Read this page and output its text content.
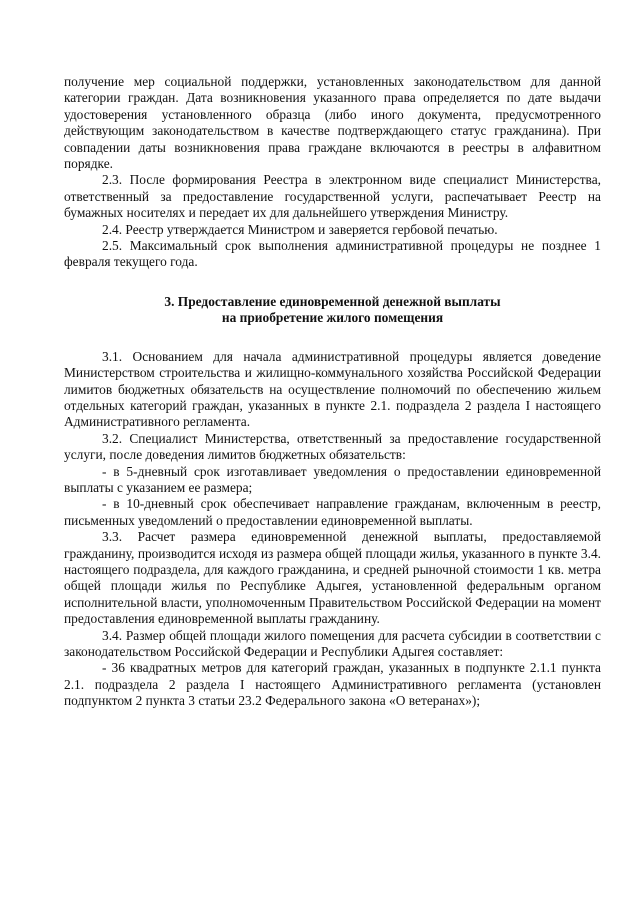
получение мер социальной поддержки, установленных законодательством для данной категории граждан. Дата возникновения указанного права определяется по дате выдачи удостоверения установленного образца (либо иного документа, предусмотренного действующим законодательством в качестве подтверждающего статус гражданина). При совпадении даты возникновения права граждане включаются в реестры в алфавитном порядке.

2.3. После формирования Реестра в электронном виде специалист Министерства, ответственный за предоставление государственной услуги, распечатывает Реестр на бумажных носителях и передает их для дальнейшего утверждения Министру.

2.4. Реестр утверждается Министром и заверяется гербовой печатью.

2.5. Максимальный срок выполнения административной процедуры не позднее 1 февраля текущего года.

3. Предоставление единовременной денежной выплаты
на приобретение жилого помещения

3.1. Основанием для начала административной процедуры является доведение Министерством строительства и жилищно-коммунального хозяйства Российской Федерации лимитов бюджетных обязательств на осуществление полномочий по обеспечению жильем отдельных категорий граждан, указанных в пункте 2.1. подраздела 2 раздела I настоящего Административного регламента.

3.2. Специалист Министерства, ответственный за предоставление государственной услуги, после доведения лимитов бюджетных обязательств:

- в 5-дневный срок изготавливает уведомления о предоставлении единовременной выплаты с указанием ее размера;

- в 10-дневный срок обеспечивает направление гражданам, включенным в реестр, письменных уведомлений о предоставлении единовременной выплаты.

3.3. Расчет размера единовременной денежной выплаты, предоставляемой гражданину, производится исходя из размера общей площади жилья, указанного в пункте 3.4. настоящего подраздела, для каждого гражданина, и средней рыночной стоимости 1 кв. метра общей площади жилья по Республике Адыгея, установленной федеральным органом исполнительной власти, уполномоченным Правительством Российской Федерации на момент предоставления единовременной выплаты гражданину.

3.4. Размер общей площади жилого помещения для расчета субсидии в соответствии с законодательством Российской Федерации и Республики Адыгея составляет:

- 36 квадратных метров для категорий граждан, указанных в подпункте 2.1.1 пункта 2.1. подраздела 2 раздела I настоящего Административного регламента (установлен подпунктом 2 пункта 3 статьи 23.2 Федерального закона «О ветеранах»);
